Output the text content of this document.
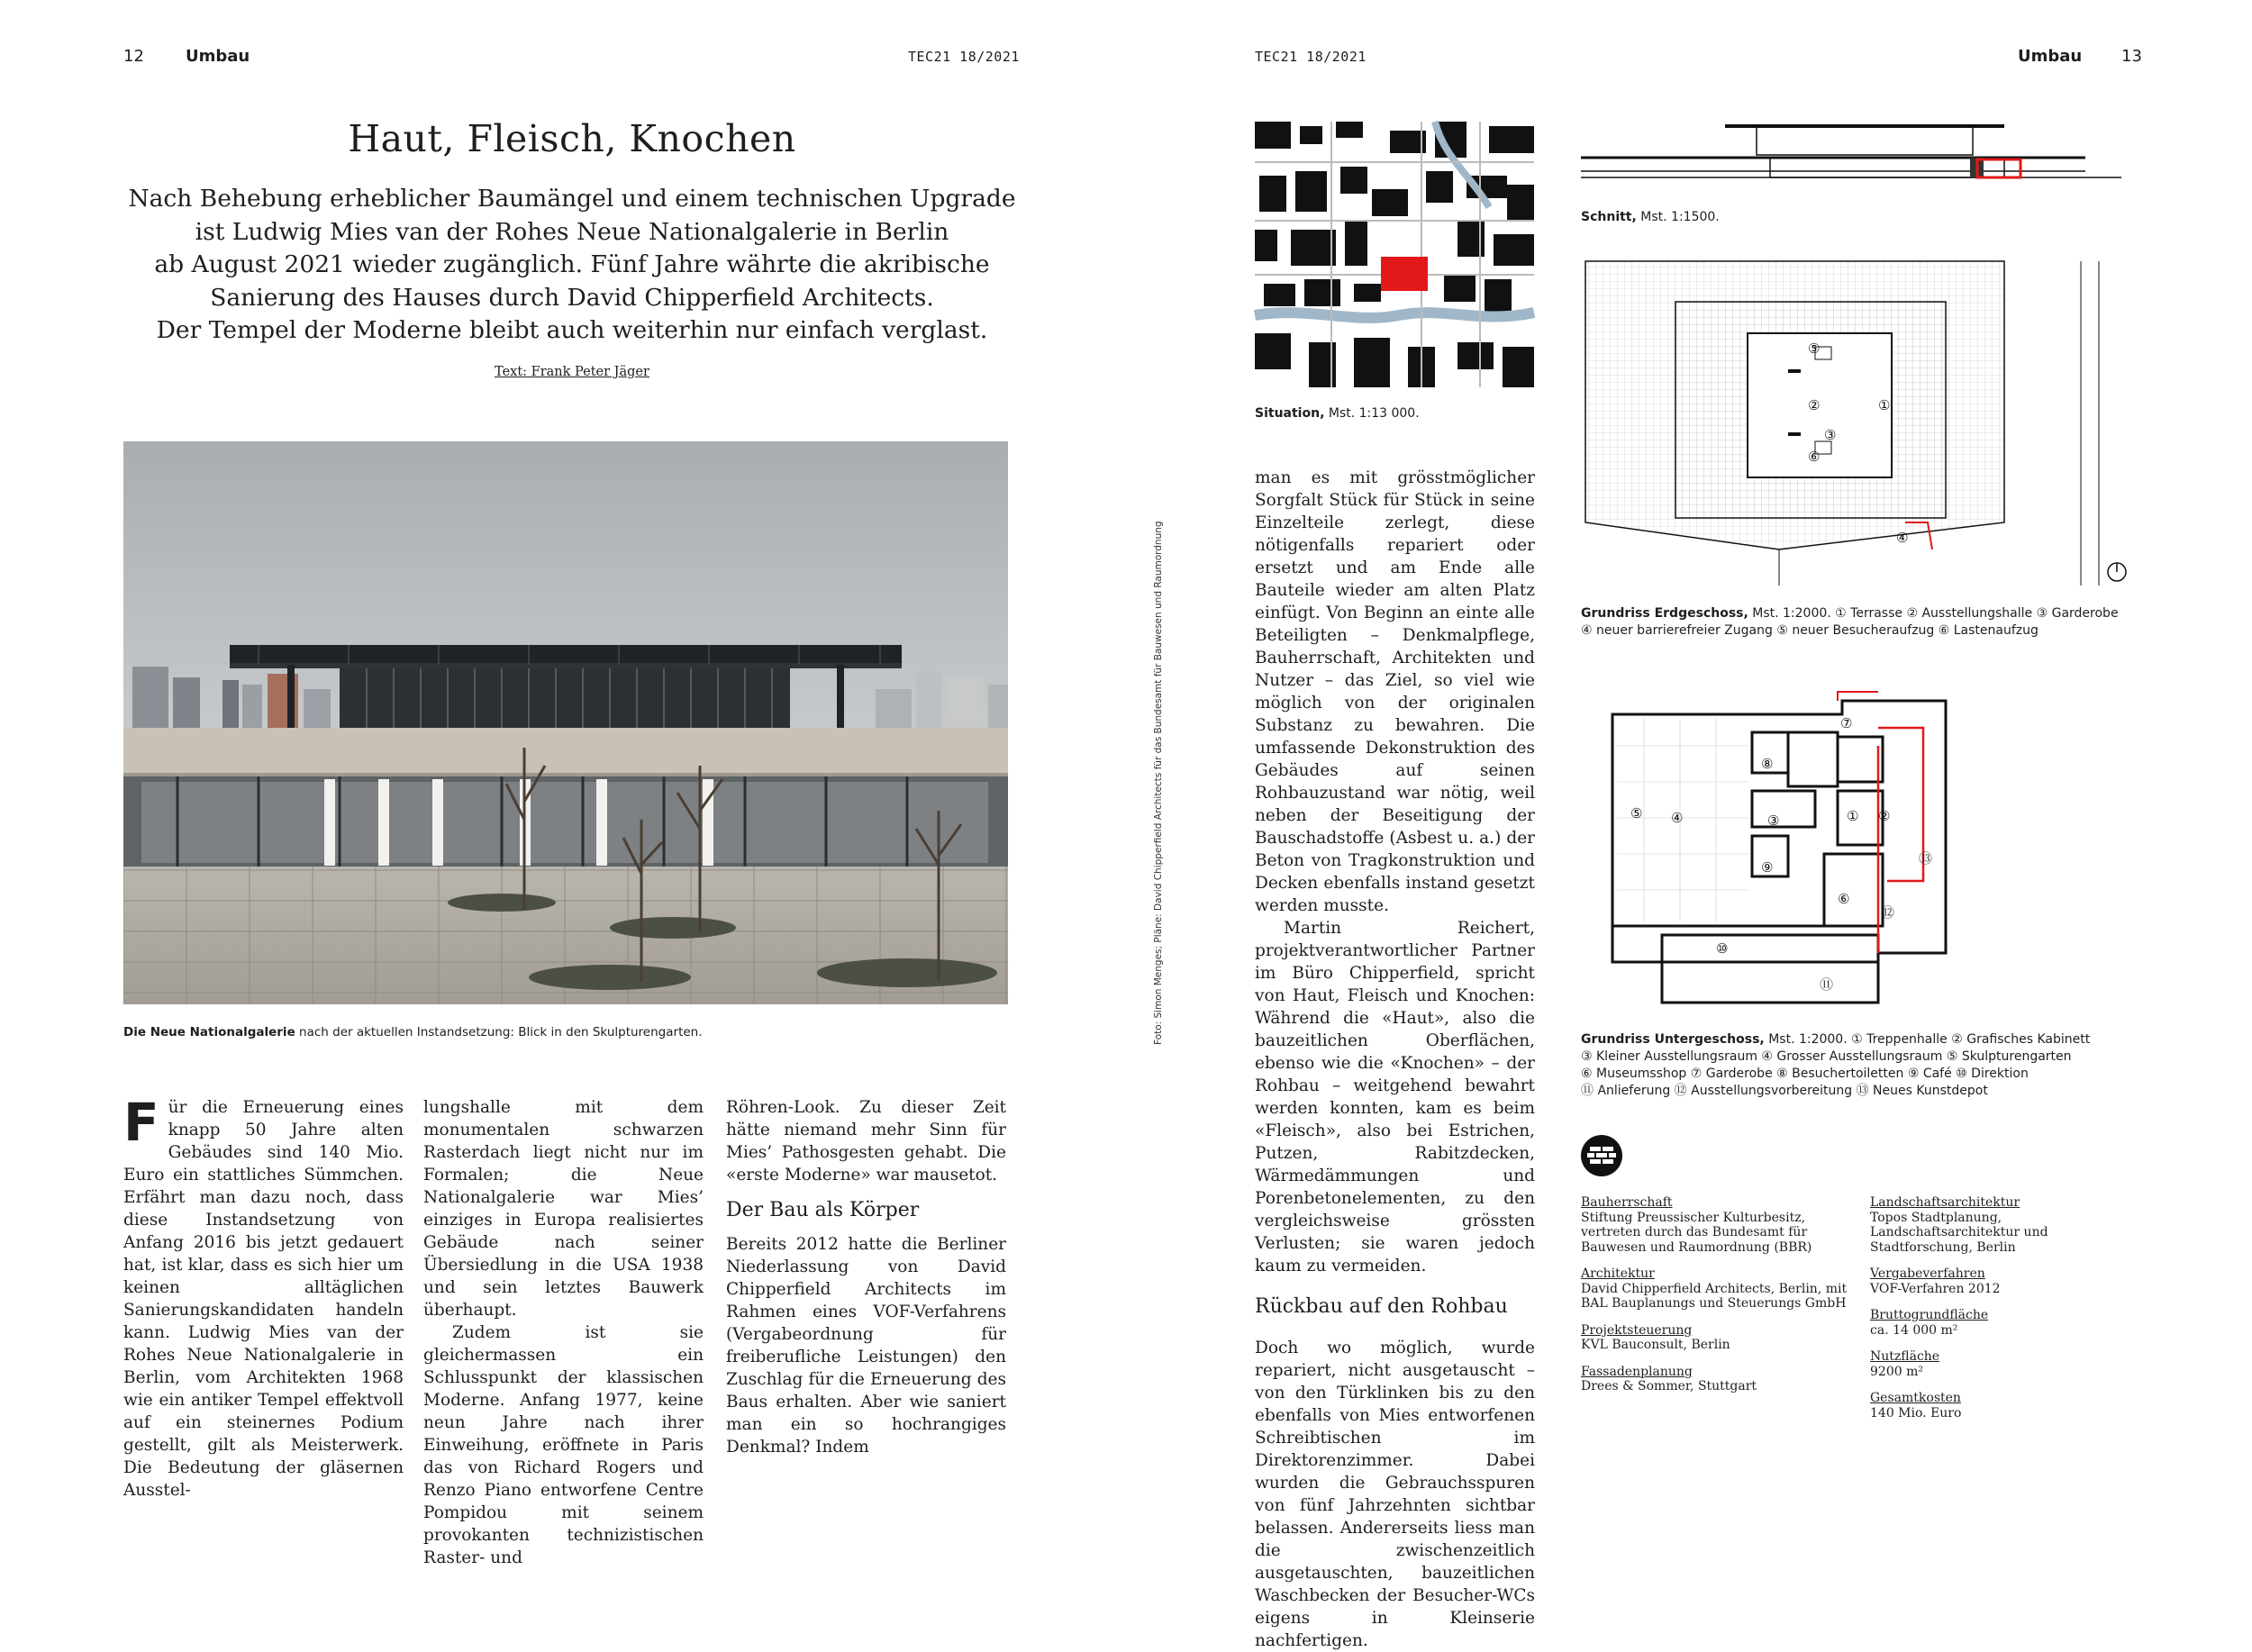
12	Umbau	TEC21 18/2021
Haut, Fleisch, Knochen
Nach Behebung erheblicher Baumängel und einem technischen Upgrade
ist Ludwig Mies van der Rohes Neue Nationalgalerie in Berlin
ab August 2021 wieder zugänglich. Fünf Jahre währte die akribische
Sanierung des Hauses durch David Chipperfield Architects.
Der Tempel der Moderne bleibt auch weiterhin nur einfach verglast.
Text: Frank Peter Jäger
Die Neue Nationalgalerie nach der aktuellen Instandsetzung: Blick in den Skulpturengarten.
Für die Erneuerung eines knapp 50 Jahre alten Gebäudes sind 140 Mio. Euro ein stattliches Sümmchen. Erfährt man dazu noch, dass diese Instandsetzung von Anfang 2016 bis jetzt gedauert hat, ist klar, dass es sich hier um keinen alltäglichen Sanierungskandidaten handeln kann. Ludwig Mies van der Rohes Neue Nationalgalerie in Berlin, vom Architekten 1968 wie ein antiker Tempel effektvoll auf ein steinernes Podium gestellt, gilt als Meisterwerk. Die Bedeutung der gläsernen Ausstel-

lungshalle mit dem monumentalen schwarzen Rasterdach liegt nicht nur im Formalen; die Neue Nationalgalerie war Mies’ einziges in Europa realisiertes Gebäude nach seiner Übersiedlung in die USA 1938 und sein letztes Bauwerk überhaupt.

Zudem ist sie gleichermassen ein Schlusspunkt der klassischen Moderne. Anfang 1977, keine neun Jahre nach ihrer Einweihung, eröffnete in Paris das von Richard Rogers und Renzo Piano entworfene Centre Pompidou mit seinem provokanten technizistischen Raster- und

Röhren-Look. Zu dieser Zeit hätte niemand mehr Sinn für Mies’ Pathosgesten gehabt. Die «erste Moderne» war mausetot.

Der Bau als Körper

Bereits 2012 hatte die Berliner Niederlassung von David Chipperfield Architects im Rahmen eines VOF-Verfahrens (Vergabeordnung für freiberufliche Leistungen) den Zuschlag für die Erneuerung des Baus erhalten. Aber wie saniert man ein so hochrangiges Denkmal? Indem

Foto: Simon Menges; Pläne: David Chipperfield Architects für das Bundesamt für Bauwesen und Raumordnung
TEC21 18/2021	Umbau 13
Situation, Mst. 1:13 000.
Schnitt, Mst. 1:1500.
⑤
②	①
③
⑥
④
Grundriss Erdgeschoss, Mst. 1:2000. ① Terrasse ② Ausstellungshalle ③ Garderobe
④ neuer barrierefreier Zugang ⑤ neuer Besucheraufzug ⑥ Lastenaufzug
① ②
③
④
⑤
⑥
⑦
⑧
⑨
⑩
⑪
⑫
⑬
Grundriss Untergeschoss, Mst. 1:2000. ① Treppenhalle ② Grafisches Kabinett
③ Kleiner Ausstellungsraum ④ Grosser Ausstellungsraum ⑤ Skulpturengarten
⑥ Museumsshop ⑦ Garderobe ⑧ Besuchertoiletten ⑨ Café ⑩ Direktion
⑪ Anlieferung ⑫ Ausstellungsvorbereitung ⑬ Neues Kunstdepot

man es mit grösstmöglicher Sorgfalt Stück für Stück in seine Einzelteile zerlegt, diese nötigenfalls repariert oder ersetzt und am Ende alle Bauteile wieder am alten Platz einfügt. Von Beginn an einte alle Beteiligten – Denkmalpflege, Bauherrschaft, Architekten und Nutzer – das Ziel, so viel wie möglich von der originalen Substanz zu bewahren. Die umfassende Dekonstruktion des Gebäudes auf seinen Rohbauzustand war nötig, weil neben der Beseitigung der Bauschadstoffe (Asbest u. a.) der Beton von Tragkonstruktion und Decken ebenfalls instand gesetzt werden musste.

Martin Reichert, projektverantwortlicher Partner im Büro Chipperfield, spricht von Haut, Fleisch und Knochen: Während die «Haut», also die bauzeitlichen Oberflächen, ebenso wie die «Knochen» – der Rohbau – weitgehend bewahrt werden konnten, kam es beim «Fleisch», also bei Estrichen, Putzen, Rabitzdecken, Wärmedämmungen und Porenbetonelementen, zu den vergleichsweise grössten Verlusten; sie waren jedoch kaum zu vermeiden.

Rückbau auf den Rohbau

Doch wo möglich, wurde repariert, nicht ausgetauscht – von den Türklinken bis zu den ebenfalls von Mies entworfenen Schreibtischen im Direktorenzimmer. Dabei wurden die Gebrauchsspuren von fünf Jahrzehnten sichtbar belassen. Andererseits liess man die zwischenzeitlich ausgetauschten, bauzeitlichen Waschbecken der Besucher-WCs eigens in Kleinserie nachfertigen.

Bauherrschaft
Stiftung Preussischer Kulturbesitz, vertreten durch das Bundesamt für Bauwesen und Raumordnung (BBR)
Architektur
David Chipperfield Architects, Berlin, mit BAL Bauplanungs und Steuerungs GmbH
Projektsteuerung
KVL Bauconsult, Berlin
Fassadenplanung
Drees & Sommer, Stuttgart
Landschaftsarchitektur
Topos Stadtplanung, Landschaftsarchitektur und Stadtforschung, Berlin
Vergabeverfahren
VOF-Verfahren 2012
Bruttogrundfläche
ca. 14 000 m²
Nutzfläche
9200 m²
Gesamtkosten
140 Mio. Euro
